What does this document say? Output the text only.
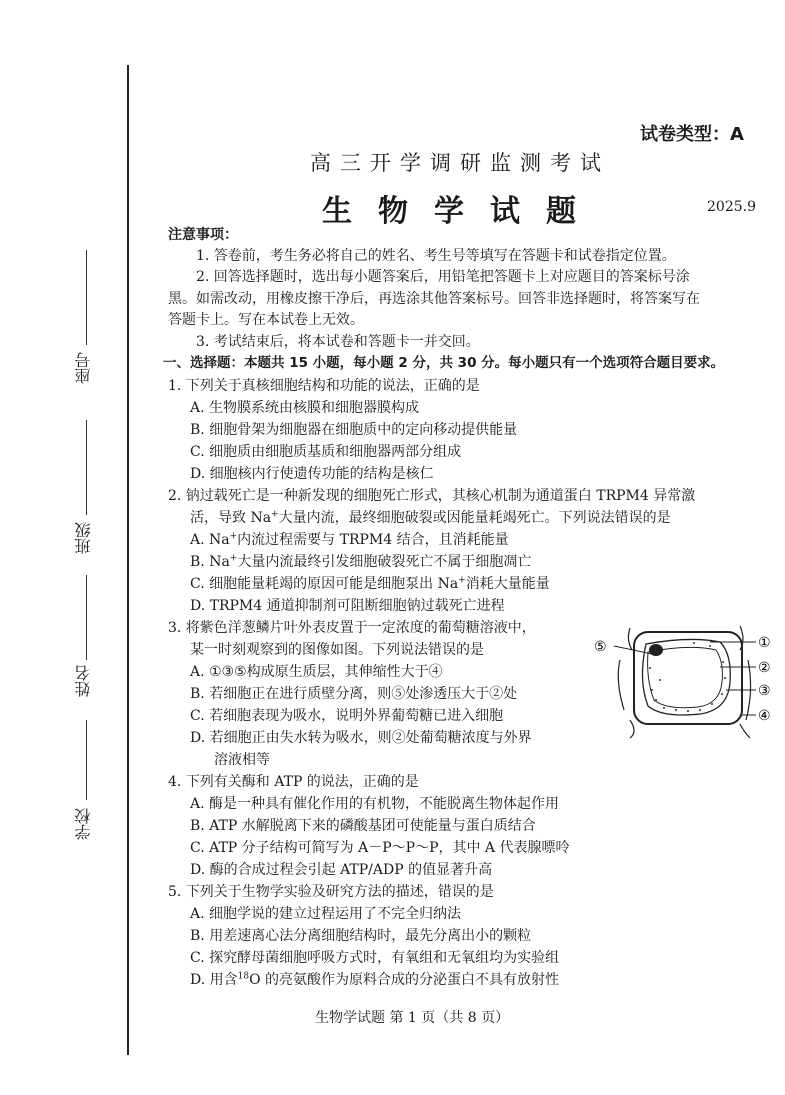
座号
班级
姓名
学校
试卷类型：A
高三开学调研监测考试
生物学试题	2025.9
注意事项：
1. 答卷前，考生务必将自己的姓名、考生号等填写在答题卡和试卷指定位置。
2. 回答选择题时，选出每小题答案后，用铅笔把答题卡上对应题目的答案标号涂
黑。如需改动，用橡皮擦干净后，再选涂其他答案标号。回答非选择题时，将答案写在
答题卡上。写在本试卷上无效。
3. 考试结束后，将本试卷和答题卡一并交回。
一、选择题：本题共 15 小题，每小题 2 分，共 30 分。每小题只有一个选项符合题目要求。
1. 下列关于真核细胞结构和功能的说法，正确的是
A. 生物膜系统由核膜和细胞器膜构成
B. 细胞骨架为细胞器在细胞质中的定向移动提供能量
C. 细胞质由细胞质基质和细胞器两部分组成
D. 细胞核内行使遗传功能的结构是核仁
2. 钠过载死亡是一种新发现的细胞死亡形式，其核心机制为通道蛋白 TRPM4 异常激
活，导致 Na+大量内流，最终细胞破裂或因能量耗竭死亡。下列说法错误的是
A. Na+内流过程需要与 TRPM4 结合，且消耗能量
B. Na+大量内流最终引发细胞破裂死亡不属于细胞凋亡
C. 细胞能量耗竭的原因可能是细胞泵出 Na+消耗大量能量
D. TRPM4 通道抑制剂可阻断细胞钠过载死亡进程
3. 将紫色洋葱鳞片叶外表皮置于一定浓度的葡萄糖溶液中，
某一时刻观察到的图像如图。下列说法错误的是
A. ①③⑤构成原生质层，其伸缩性大于④
B. 若细胞正在进行质壁分离，则⑤处渗透压大于②处
C. 若细胞表现为吸水，说明外界葡萄糖已进入细胞
D. 若细胞正由失水转为吸水，则②处葡萄糖浓度与外界
溶液相等
①
②
③
④
⑤
4. 下列有关酶和 ATP 的说法，正确的是
A. 酶是一种具有催化作用的有机物，不能脱离生物体起作用
B. ATP 水解脱离下来的磷酸基团可使能量与蛋白质结合
C. ATP 分子结构可简写为 A－P～P～P，其中 A 代表腺嘌呤
D. 酶的合成过程会引起 ATP/ADP 的值显著升高
5. 下列关于生物学实验及研究方法的描述，错误的是
A. 细胞学说的建立过程运用了不完全归纳法
B. 用差速离心法分离细胞结构时，最先分离出小的颗粒
C. 探究酵母菌细胞呼吸方式时，有氧组和无氧组均为实验组
D. 用含$^{18}$O 的亮氨酸作为原料合成的分泌蛋白不具有放射性
生物学试题 第 1 页（共 8 页）
